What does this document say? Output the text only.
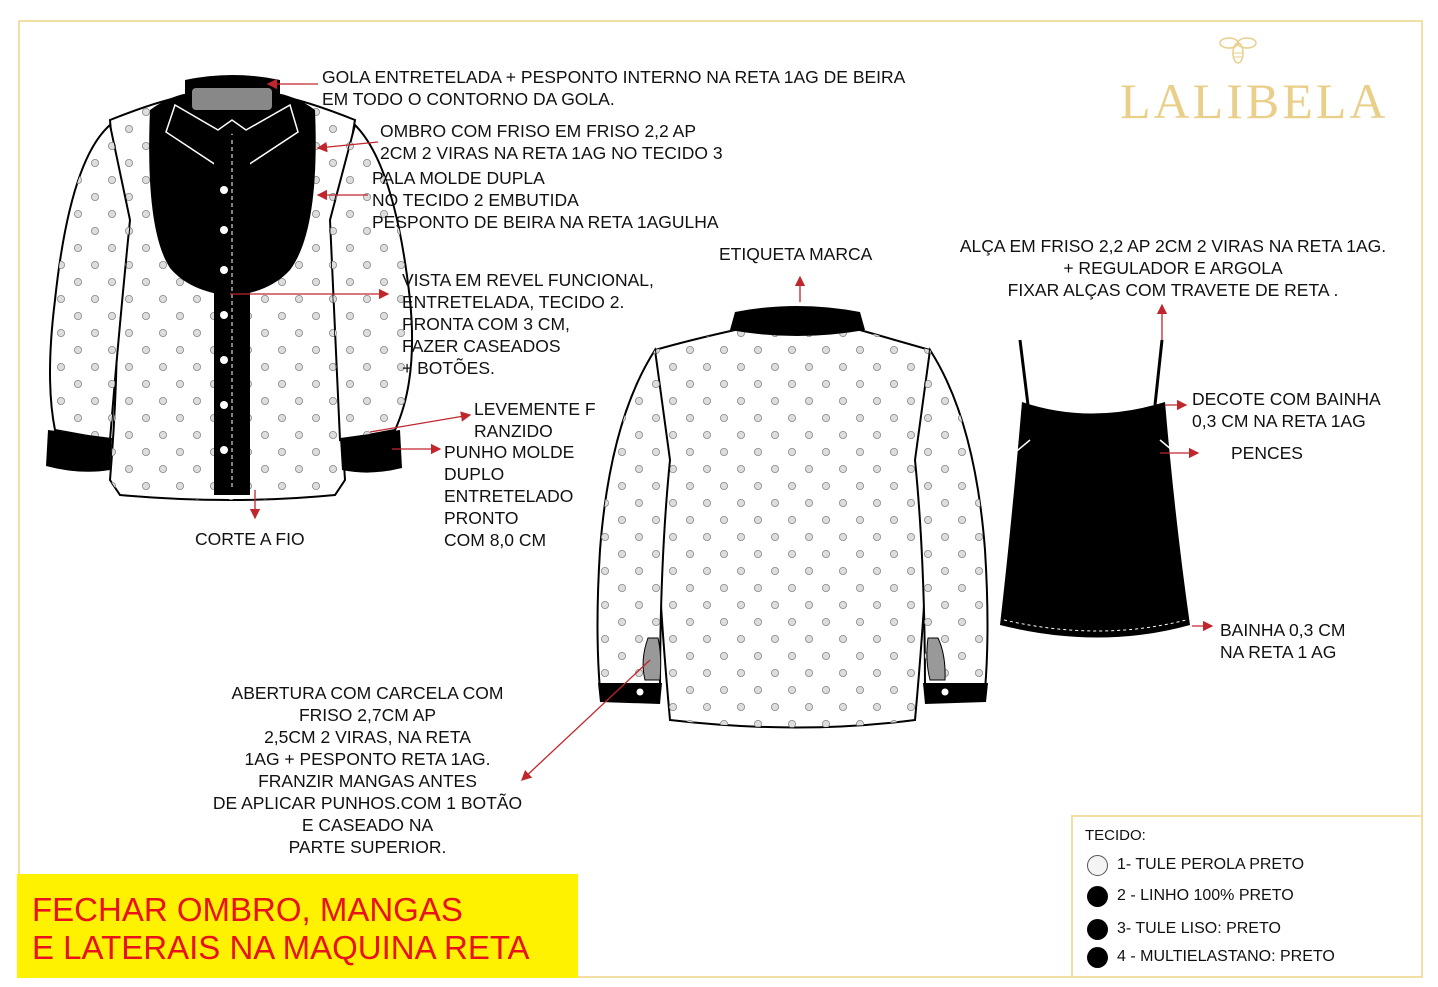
LALIBELA
GOLA ENTRETELADA + PESPONTO INTERNO NA RETA 1AG DE BEIRA
EM TODO O CONTORNO DA GOLA.
OMBRO COM FRISO EM FRISO 2,2 AP
2CM 2 VIRAS NA RETA 1AG NO TECIDO 3
PALA MOLDE DUPLA
NO TECIDO 2 EMBUTIDA
PESPONTO DE BEIRA NA RETA 1AGULHA
VISTA EM REVEL FUNCIONAL,
ENTRETELADA, TECIDO 2.
PRONTA COM 3 CM,
FAZER CASEADOS
+ BOTÕES.
LEVEMENTE F
RANZIDO
PUNHO MOLDE
DUPLO
ENTRETELADO
PRONTO
COM 8,0 CM
CORTE A FIO
ETIQUETA MARCA	ALÇA EM FRISO 2,2 AP 2CM 2 VIRAS NA RETA 1AG.
+ REGULADOR E ARGOLA
FIXAR ALÇAS COM TRAVETE DE RETA .
DECOTE COM BAINHA
0,3 CM NA RETA 1AG
PENCES
BAINHA 0,3 CM
NA RETA 1 AG
ABERTURA COM CARCELA COM
FRISO 2,7CM AP
2,5CM 2 VIRAS, NA RETA
1AG + PESPONTO RETA 1AG.
FRANZIR MANGAS ANTES
DE APLICAR PUNHOS.COM 1 BOTÃO
E CASEADO NA
PARTE SUPERIOR.
FECHAR OMBRO, MANGAS
E LATERAIS NA MAQUINA RETA
TECIDO:
1- TULE PEROLA PRETO
2 - LINHO 100% PRETO
3- TULE LISO: PRETO
4 - MULTIELASTANO: PRETO
